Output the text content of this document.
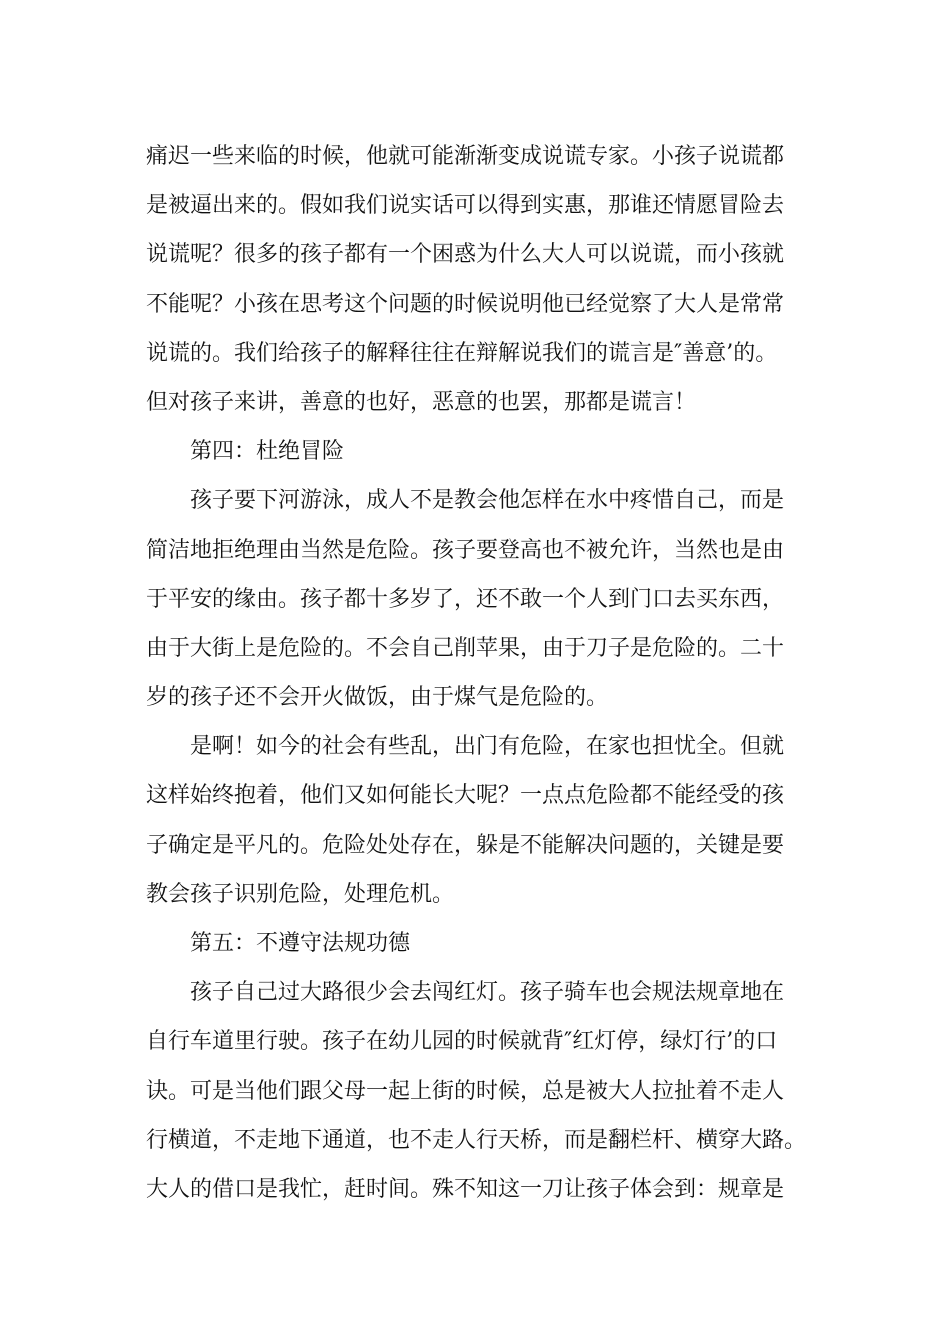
痛迟一些来临的时候，他就可能渐渐变成说谎专家。小孩子说谎都
是被逼出来的。假如我们说实话可以得到实惠，那谁还情愿冒险去
说谎呢？很多的孩子都有一个困惑为什么大人可以说谎，而小孩就
不能呢？小孩在思考这个问题的时候说明他已经觉察了大人是常常
说谎的。我们给孩子的解释往往在辩解说我们的谎言是″善意’的。
但对孩子来讲，善意的也好，恶意的也罢，那都是谎言！
第四：杜绝冒险
孩子要下河游泳，成人不是教会他怎样在水中疼惜自己，而是
简洁地拒绝理由当然是危险。孩子要登高也不被允许，当然也是由
于平安的缘由。孩子都十多岁了，还不敢一个人到门口去买东西，
由于大街上是危险的。不会自己削苹果，由于刀子是危险的。二十
岁的孩子还不会开火做饭，由于煤气是危险的。
是啊！如今的社会有些乱，出门有危险，在家也担忧全。但就
这样始终抱着，他们又如何能长大呢？一点点危险都不能经受的孩
子确定是平凡的。危险处处存在，躲是不能解决问题的，关键是要
教会孩子识别危险，处理危机。
第五：不遵守法规功德
孩子自己过大路很少会去闯红灯。孩子骑车也会规法规章地在
自行车道里行驶。孩子在幼儿园的时候就背″红灯停，绿灯行’的口
诀。可是当他们跟父母一起上街的时候，总是被大人拉扯着不走人
行横道，不走地下通道，也不走人行天桥，而是翻栏杆、横穿大路。
大人的借口是我忙，赶时间。殊不知这一刀让孩子体会到：规章是
